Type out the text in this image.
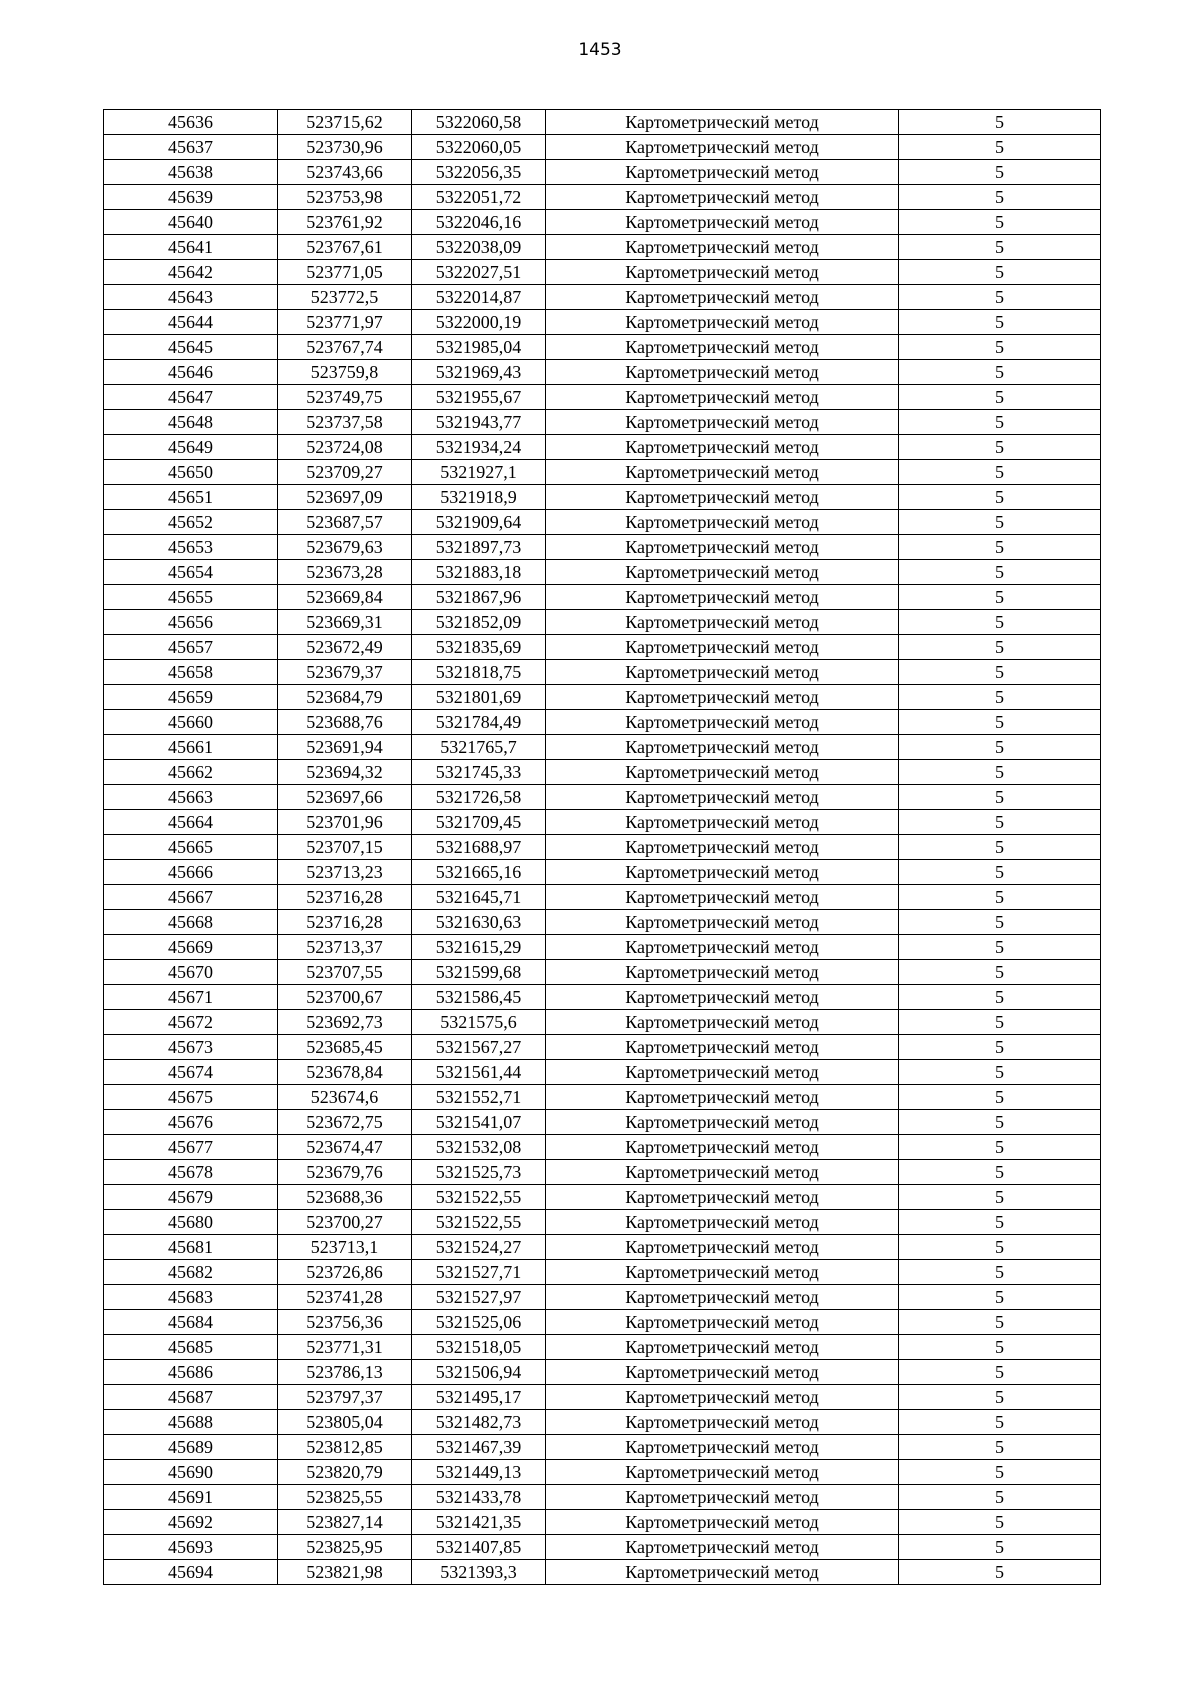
1453
45636	523715,62	5322060,58	Картометрический метод	5
45637	523730,96	5322060,05	Картометрический метод	5
45638	523743,66	5322056,35	Картометрический метод	5
45639	523753,98	5322051,72	Картометрический метод	5
45640	523761,92	5322046,16	Картометрический метод	5
45641	523767,61	5322038,09	Картометрический метод	5
45642	523771,05	5322027,51	Картометрический метод	5
45643	523772,5	5322014,87	Картометрический метод	5
45644	523771,97	5322000,19	Картометрический метод	5
45645	523767,74	5321985,04	Картометрический метод	5
45646	523759,8	5321969,43	Картометрический метод	5
45647	523749,75	5321955,67	Картометрический метод	5
45648	523737,58	5321943,77	Картометрический метод	5
45649	523724,08	5321934,24	Картометрический метод	5
45650	523709,27	5321927,1	Картометрический метод	5
45651	523697,09	5321918,9	Картометрический метод	5
45652	523687,57	5321909,64	Картометрический метод	5
45653	523679,63	5321897,73	Картометрический метод	5
45654	523673,28	5321883,18	Картометрический метод	5
45655	523669,84	5321867,96	Картометрический метод	5
45656	523669,31	5321852,09	Картометрический метод	5
45657	523672,49	5321835,69	Картометрический метод	5
45658	523679,37	5321818,75	Картометрический метод	5
45659	523684,79	5321801,69	Картометрический метод	5
45660	523688,76	5321784,49	Картометрический метод	5
45661	523691,94	5321765,7	Картометрический метод	5
45662	523694,32	5321745,33	Картометрический метод	5
45663	523697,66	5321726,58	Картометрический метод	5
45664	523701,96	5321709,45	Картометрический метод	5
45665	523707,15	5321688,97	Картометрический метод	5
45666	523713,23	5321665,16	Картометрический метод	5
45667	523716,28	5321645,71	Картометрический метод	5
45668	523716,28	5321630,63	Картометрический метод	5
45669	523713,37	5321615,29	Картометрический метод	5
45670	523707,55	5321599,68	Картометрический метод	5
45671	523700,67	5321586,45	Картометрический метод	5
45672	523692,73	5321575,6	Картометрический метод	5
45673	523685,45	5321567,27	Картометрический метод	5
45674	523678,84	5321561,44	Картометрический метод	5
45675	523674,6	5321552,71	Картометрический метод	5
45676	523672,75	5321541,07	Картометрический метод	5
45677	523674,47	5321532,08	Картометрический метод	5
45678	523679,76	5321525,73	Картометрический метод	5
45679	523688,36	5321522,55	Картометрический метод	5
45680	523700,27	5321522,55	Картометрический метод	5
45681	523713,1	5321524,27	Картометрический метод	5
45682	523726,86	5321527,71	Картометрический метод	5
45683	523741,28	5321527,97	Картометрический метод	5
45684	523756,36	5321525,06	Картометрический метод	5
45685	523771,31	5321518,05	Картометрический метод	5
45686	523786,13	5321506,94	Картометрический метод	5
45687	523797,37	5321495,17	Картометрический метод	5
45688	523805,04	5321482,73	Картометрический метод	5
45689	523812,85	5321467,39	Картометрический метод	5
45690	523820,79	5321449,13	Картометрический метод	5
45691	523825,55	5321433,78	Картометрический метод	5
45692	523827,14	5321421,35	Картометрический метод	5
45693	523825,95	5321407,85	Картометрический метод	5
45694	523821,98	5321393,3	Картометрический метод	5
